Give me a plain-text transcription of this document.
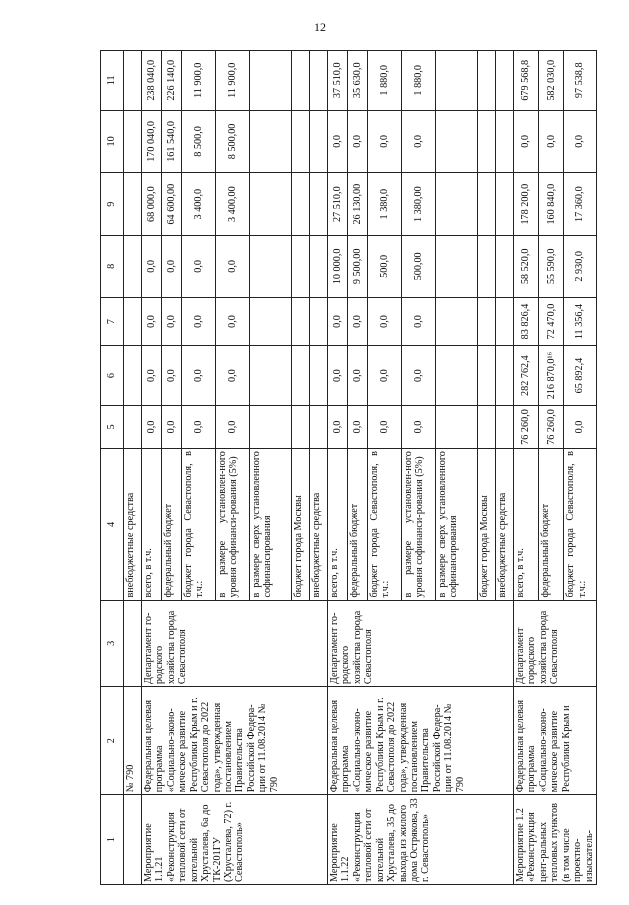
12
1	2	3	4	5	6	7	8	9	10	11
	№ 790		внебюджетные средства							
Мероприятие 1.1.21 «Реконструкция тепловой сети от котельной Хрусталева, 6а до ТК-201ГУ (Хрусталева, 72) г. Севастополь»	Федеральная целевая программа «Социально-эконо-мическое развитие Республики Крым и г. Севастополя до 2022 года», утвержденная постановлением Правительства Российской Федера-ции от 11.08.2014 № 790	Департамент го-родского хозяйства города Севастополя	всего, в т.ч.	0,0	0,0	0,0	0,0	68 000,0	170 040,0	238 040,0
			федеральный бюджет	0,0	0,0	0,0	0,0	64 600,00	161 540,0	226 140,0
			бюджет города Севастополя, в т.ч.:	0,0	0,0	0,0	0,0	3 400,0	8 500,0	11 900,0
			в размере установлен-ного уровня софинанси-рования (5%)	0,0	0,0	0,0	0,0	3 400,00	8 500,00	11 900,0
			в размере сверх установленного софинансирования							
			бюджет города Москвы							
			внебюджетные средства							
Мероприятие 1.1.22 «Реконструкция тепловой сети от котельной Хрусталева, 35 до выхода из жилого дома Острякова, 33 г. Севастополь»	Федеральная целевая программа «Социально-эконо-мическое развитие Республики Крым и г. Севастополя до 2022 года», утвержденная постановлением Правительства Российской Федера-ции от 11.08.2014 № 790	Департамент го-родского хозяйства города Севастополя	всего, в т.ч.	0,0	0,0	0,0	10 000,0	27 510,0	0,0	37 510,0
			федеральный бюджет	0,0	0,0	0,0	9 500,00	26 130,00	0,0	35 630,0
			бюджет города Севастополя, в т.ч.:	0,0	0,0	0,0	500,0	1 380,0	0,0	1 880,0
			в размере установлен-ного уровня софинанси-рования (5%)	0,0	0,0	0,0	500,00	1 380,00	0,0	1 880,0
			в размере сверх установленного софинансирования							
			бюджет города Москвы							
			внебюджетные средства							
Мероприятие 1.2 «Реконструкция цент-ральных тепловых пунктов (в том числе проектно-изыскатель-	Федеральная целевая программа «Социально-эконо-мическое развитие Республики Крым и	Департамент городского хозяйства города Севастополя	всего, в т.ч.	76 260,0	282 762,4	83 826,4	58 520,0	178 200,0	0,0	679 568,8
			федеральный бюджет	76 260,0	216 870,0¹⁶	72 470,0	55 590,0	160 840,0	0,0	582 030,0
			бюджет города Севастополя, в т.ч.:	0,0	65 892,4	11 356,4	2 930,0	17 360,0	0,0	97 538,8
